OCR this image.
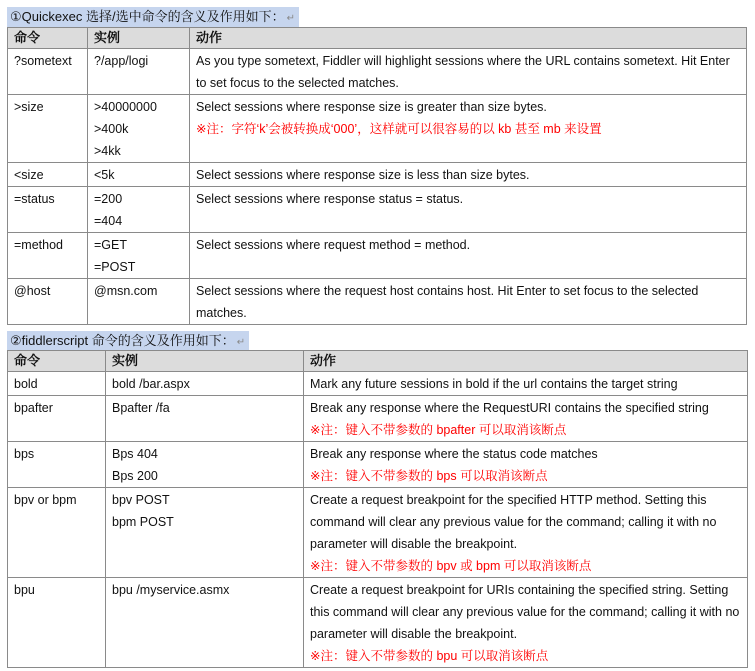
①Quickexec 选择/选中命令的含义及作用如下： ↵
命令	实例	动作
?sometext	?/app/logi	As you type sometext, Fiddler will highlight sessions where the URL contains sometext. Hit Enter to set focus to the selected matches.

>size	>40000000
>400k
>4kk	Select sessions where response size is greater than size bytes.
※注：字符‘k’会被转换成‘000’，这样就可以很容易的以 kb 甚至 mb 来设置

<size	<5k	Select sessions where response size is less than size bytes.

=status	=200
=404	Select sessions where response status = status.

=method	=GET
=POST	Select sessions where request method = method.

@host	@msn.com	Select sessions where the request host contains host. Hit Enter to set focus to the selected matches.
②fiddlerscript 命令的含义及作用如下： ↵
命令	实例	动作
bold	bold /bar.aspx	Mark any future sessions in bold if the url contains the target string

bpafter	Bpafter /fa	Break any response where the RequestURI contains the specified string
※注：键入不带参数的 bpafter 可以取消该断点

bps	Bps 404
Bps 200	Break any response where the status code matches
※注：键入不带参数的 bps 可以取消该断点

bpv or bpm	bpv POST
bpm POST	Create a request breakpoint for the specified HTTP method. Setting this command will clear any previous value for the command; calling it with no parameter will disable the breakpoint.
※注：键入不带参数的 bpv 或 bpm 可以取消该断点

bpu	bpu /myservice.asmx	Create a request breakpoint for URIs containing the specified string. Setting this command will clear any previous value for the command; calling it with no parameter will disable the breakpoint.
※注：键入不带参数的 bpu 可以取消该断点
